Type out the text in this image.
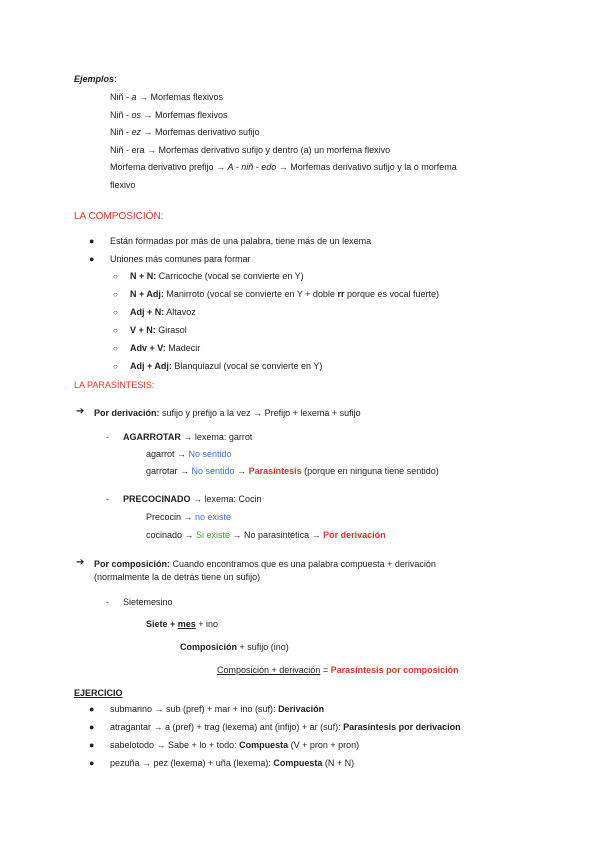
Ejemplos:
Niñ - a → Morfemas flexivos
Niñ - os → Morfemas flexivos
Niñ - ez → Morfemas derivativo sufijo
Niñ - era → Morfemas derivativo sufijo y dentro (a) un morfema flexivo
Morfema derivativo prefijo → A - niñ - edo → Morfemas derivativo sufijo y la o morfema
flexivo
LA COMPOSICIÓN:
● Están formadas por más de una palabra, tiene más de un lexema
● Uniones más comunes para formar
○ N + N: Carricoche (vocal se convierte en Y)
○ N + Adj: Manirroto (vocal se convierte en Y + doble rr porque es vocal fuerte)
○ Adj + N: Altavoz
○ V + N: Girasol
○ Adv + V: Madecir
○ Adj + Adj: Blanquiazul (vocal se convierte en Y)
LA PARASÍNTESIS:
➔ Por derivación: sufijo y prefijo a la vez → Prefijo + lexema + sufijo
- AGARROTAR → lexema: garrot
agarrot → No sentido
garrotar → No sentido → Parasíntesis (porque en ninguna tiene sentido)
- PRECOCINADO → lexema: Cocin
Precocin → no existe
cocinado → Si existe → No parasintética → Por derivación
➔ Por composición: Cuando encontramos que es una palabra compuesta + derivación
(normalmente la de detrás tiene un sufijo)
- Sietemesino
Siete + mes + ino
Composición + sufijo (ino)
Composición + derivación = Parasíntesis por composición
EJERCICIO
● submarino → sub (pref) + mar + ino (suf): Derivación
● atragantar → a (pref) + trag (lexema) ant (infijo) + ar (suf): Parasíntesis por derivacion
● sabelotodo → Sabe + lo + todo: Compuesta (V + pron + pron)
● pezuña → pez (lexema) + uña (lexema): Compuesta (N + N)
